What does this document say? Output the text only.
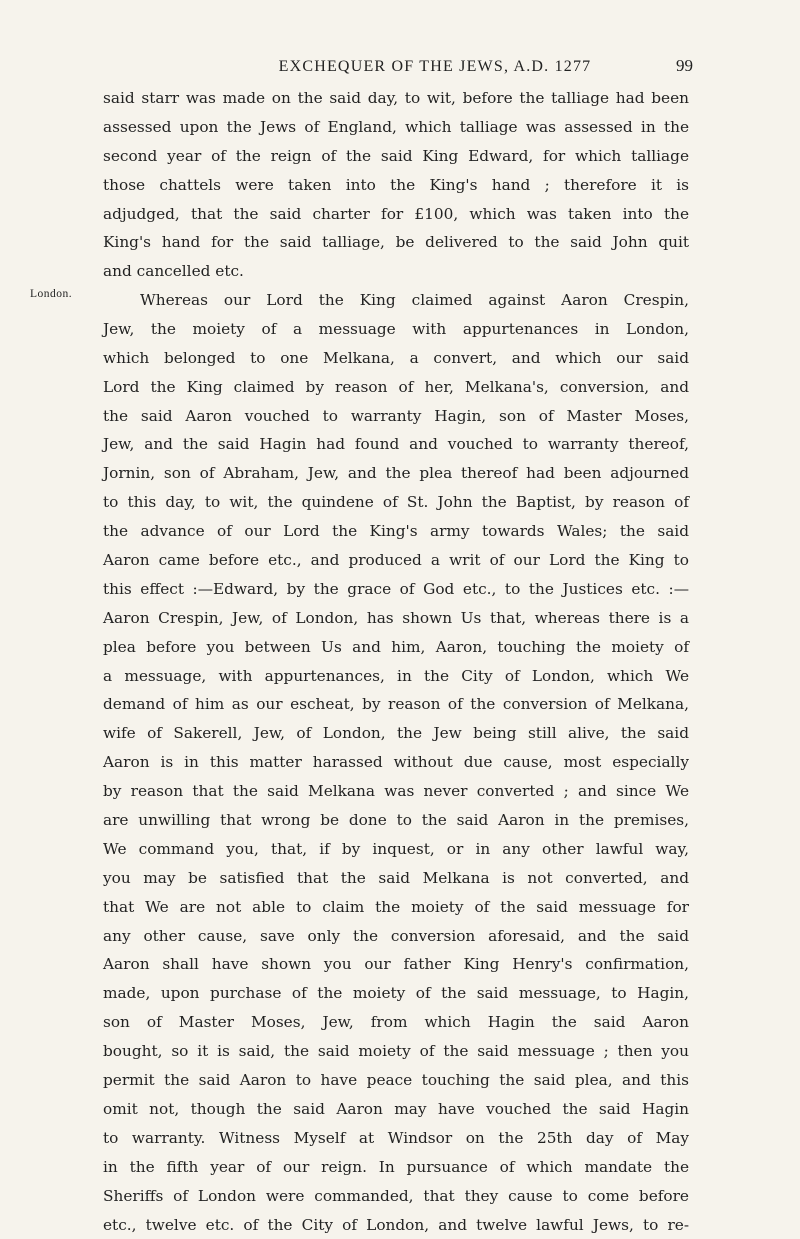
EXCHEQUER OF THE JEWS, A.D. 1277	99
London.
said starr was made on the said day, to wit, before the talliage had been
assessed upon the Jews of England, which talliage was assessed in the
second year of the reign of the said King Edward, for which talliage
those chattels were taken into the King's hand ; therefore it is
adjudged, that the said charter for £100, which was taken into the
King's hand for the said talliage, be delivered to the said John quit
and cancelled etc.
Whereas our Lord the King claimed against Aaron Crespin,
Jew, the moiety of a messuage with appurtenances in London,
which belonged to one Melkana, a convert, and which our said
Lord the King claimed by reason of her, Melkana's, conversion, and
the said Aaron vouched to warranty Hagin, son of Master Moses,
Jew, and the said Hagin had found and vouched to warranty thereof,
Jornin, son of Abraham, Jew, and the plea thereof had been adjourned
to this day, to wit, the quindene of St. John the Baptist, by reason of
the advance of our Lord the King's army towards Wales; the said
Aaron came before etc., and produced a writ of our Lord the King to
this effect :—Edward, by the grace of God etc., to the Justices etc. :—
Aaron Crespin, Jew, of London, has shown Us that, whereas there is a
plea before you between Us and him, Aaron, touching the moiety of
a messuage, with appurtenances, in the City of London, which We
demand of him as our escheat, by reason of the conversion of Melkana,
wife of Sakerell, Jew, of London, the Jew being still alive, the said
Aaron is in this matter harassed without due cause, most especially
by reason that the said Melkana was never converted ; and since We
are unwilling that wrong be done to the said Aaron in the premises,
We command you, that, if by inquest, or in any other lawful way,
you may be satisfied that the said Melkana is not converted, and
that We are not able to claim the moiety of the said messuage for
any other cause, save only the conversion aforesaid, and the said
Aaron shall have shown you our father King Henry's confirmation,
made, upon purchase of the moiety of the said messuage, to Hagin,
son of Master Moses, Jew, from which Hagin the said Aaron
bought, so it is said, the said moiety of the said messuage ; then you
permit the said Aaron to have peace touching the said plea, and this
omit not, though the said Aaron may have vouched the said Hagin
to warranty. Witness Myself at Windsor on the 25th day of May
in the fifth year of our reign. In pursuance of which mandate the
Sheriffs of London were commanded, that they cause to come before
etc., twelve etc. of the City of London, and twelve lawful Jews, to re-
